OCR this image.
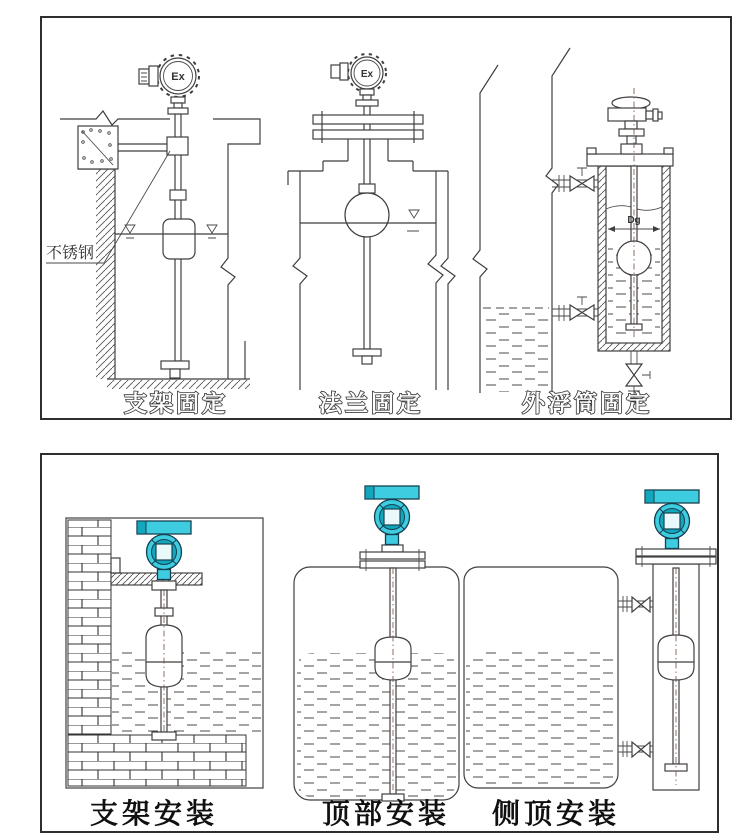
Ex
不锈钢
支架固定
Ex
法兰固定
Dg
外浮筒固定
支架安装	顶部安装 侧顶安装
